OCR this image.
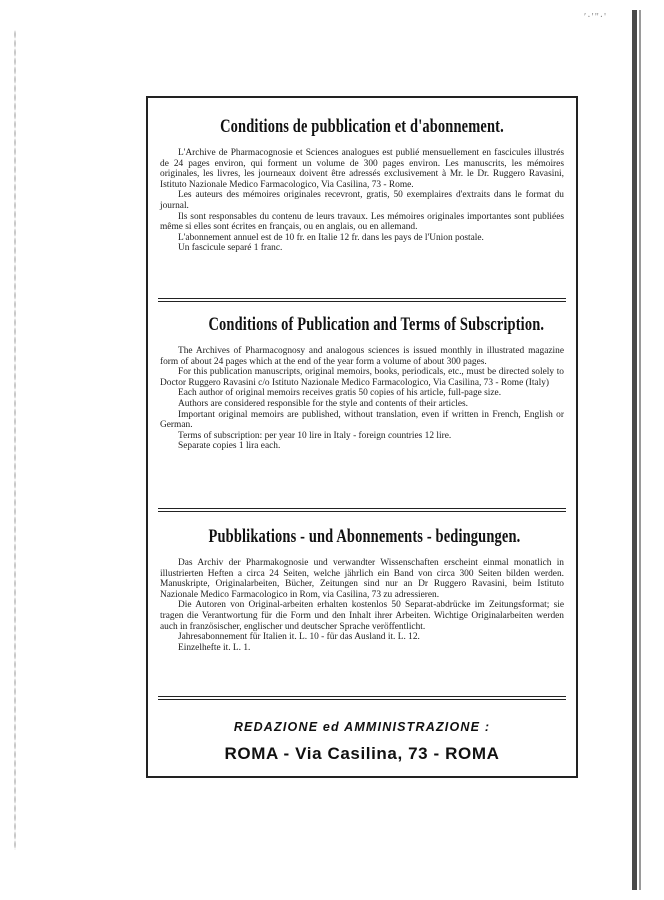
ʹ·ʹ"·'
Conditions de pubblication et d'abonnement.

L'Archive de Pharmacognosie et Sciences analogues est publié mensuellement en fascicules illustrés de 24 pages environ, qui forment un volume de 300 pages environ. Les manuscrits, les mémoires originales, les livres, les journeaux doivent être adressés exclusivement à Mr. le Dr. Ruggero Ravasini, Istituto Nazionale Medico Farmacologico, Via Casilina, 73 - Rome.

Les auteurs des mémoires originales recevront, gratis, 50 exemplaires d'extraits dans le format du journal.

Ils sont responsables du contenu de leurs travaux. Les mémoires originales importantes sont publiées même si elles sont écrites en français, ou en anglais, ou en allemand.

L'abonnement annuel est de 10 fr. en Italie 12 fr. dans les pays de l'Union postale.

Un fascicule separé 1 franc.

Conditions of Publication and Terms of Subscription.

The Archives of Pharmacognosy and analogous sciences is issued monthly in illustrated magazine form of about 24 pages which at the end of the year form a volume of about 300 pages.

For this publication manuscripts, original memoirs, books, periodicals, etc., must be directed solely to Doctor Ruggero Ravasini c/o Istituto Nazionale Medico Farmacologico, Via Casilina, 73 - Rome (Italy)

Each author of original memoirs receives gratis 50 copies of his article, full-page size.

Authors are considered responsible for the style and contents of their articles.

Important original memoirs are published, without translation, even if written in French, English or German.

Terms of subscription: per year 10 lire in Italy - foreign countries 12 lire.

Separate copies 1 lira each.

Pubblikations - und Abonnements - bedingungen.

Das Archiv der Pharmakognosie und verwandter Wissenschaften erscheint einmal monatlich in illustrierten Heften a circa 24 Seiten, welche jährlich ein Band von circa 300 Seiten bilden werden. Manuskripte, Originalarbeiten, Bücher, Zeitungen sind nur an Dr Ruggero Ravasini, beim Istituto Nazionale Medico Farmacologico in Rom, via Casilina, 73 zu adressieren.

Die Autoren von Original-arbeiten erhalten kostenlos 50 Separat-abdrücke im Zeitungsformat; sie tragen die Verantwortung für die Form und den Inhalt ihrer Arbeiten. Wichtige Originalarbeiten werden auch in französischer, englischer und deutscher Sprache veröffentlicht.

Jahresabonnement für Italien it. L. 10 - für das Ausland it. L. 12.

Einzelhefte it. L. 1.

REDAZIONE ed AMMINISTRAZIONE :
ROMA - Via Casilina, 73 - ROMA
